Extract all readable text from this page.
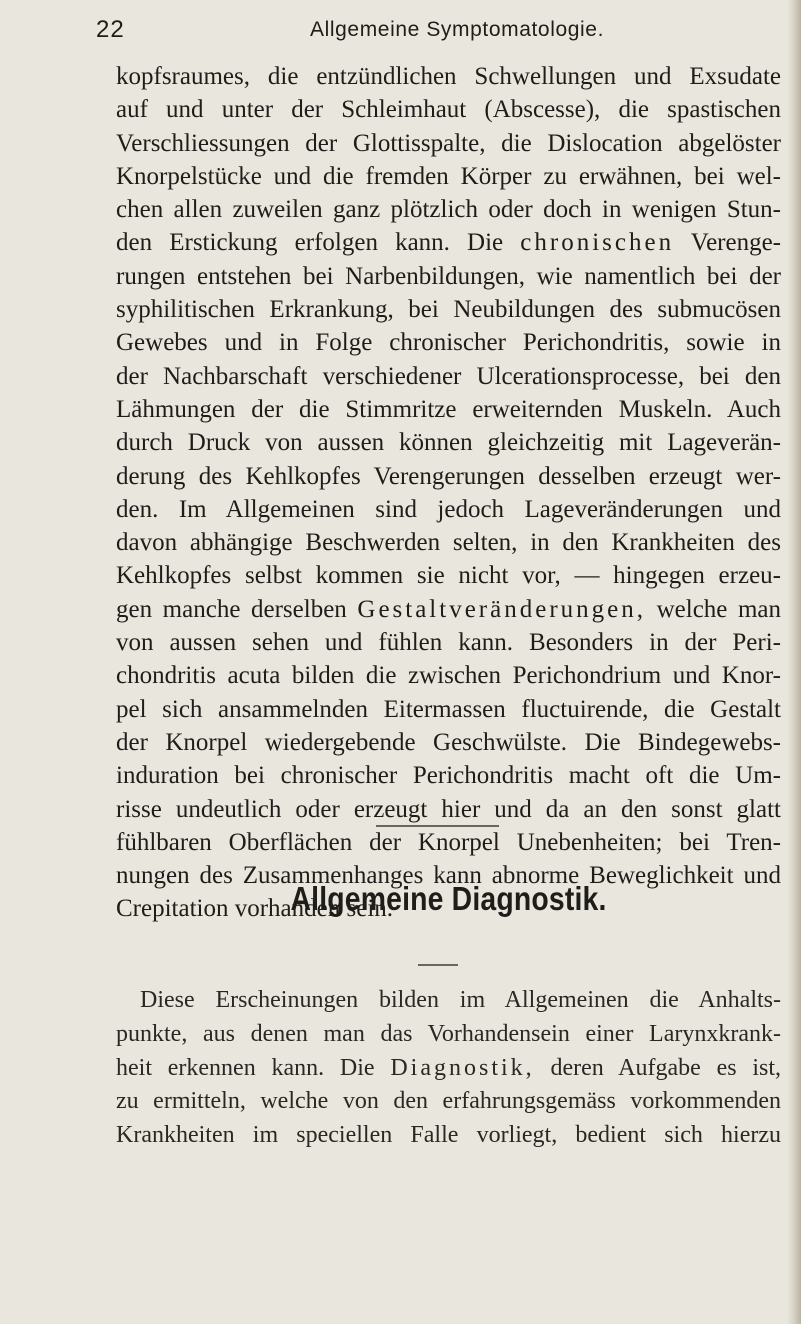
22	Allgemeine Symptomatologie.
kopfsraumes, die entzündlichen Schwellungen und Exsudate
auf und unter der Schleimhaut (Abscesse), die spastischen
Verschliessungen der Glottisspalte, die Dislocation abgelöster
Knorpelstücke und die fremden Körper zu erwähnen, bei wel-
chen allen zuweilen ganz plötzlich oder doch in wenigen Stun-
den Erstickung erfolgen kann. Die chronischen Verenge-
rungen entstehen bei Narbenbildungen, wie namentlich bei der
syphilitischen Erkrankung, bei Neubildungen des submucösen
Gewebes und in Folge chronischer Perichondritis, sowie in
der Nachbarschaft verschiedener Ulcerationsprocesse, bei den
Lähmungen der die Stimmritze erweiternden Muskeln. Auch
durch Druck von aussen können gleichzeitig mit Lageverän-
derung des Kehlkopfes Verengerungen desselben erzeugt wer-
den. Im Allgemeinen sind jedoch Lageveränderungen und
davon abhängige Beschwerden selten, in den Krankheiten des
Kehlkopfes selbst kommen sie nicht vor, — hingegen erzeu-
gen manche derselben Gestaltveränderungen, welche man
von aussen sehen und fühlen kann. Besonders in der Peri-
chondritis acuta bilden die zwischen Perichondrium und Knor-
pel sich ansammelnden Eitermassen fluctuirende, die Gestalt
der Knorpel wiedergebende Geschwülste. Die Bindegewebs-
induration bei chronischer Perichondritis macht oft die Um-
risse undeutlich oder erzeugt hier und da an den sonst glatt
fühlbaren Oberflächen der Knorpel Unebenheiten; bei Tren-
nungen des Zusammenhanges kann abnorme Beweglichkeit und
Crepitation vorhanden sein.
Allgemeine Diagnostik.
Diese Erscheinungen bilden im Allgemeinen die Anhalts-
punkte, aus denen man das Vorhandensein einer Larynxkrank-
heit erkennen kann. Die Diagnostik, deren Aufgabe es ist,
zu ermitteln, welche von den erfahrungsgemäss vorkommenden
Krankheiten im speciellen Falle vorliegt, bedient sich hierzu
